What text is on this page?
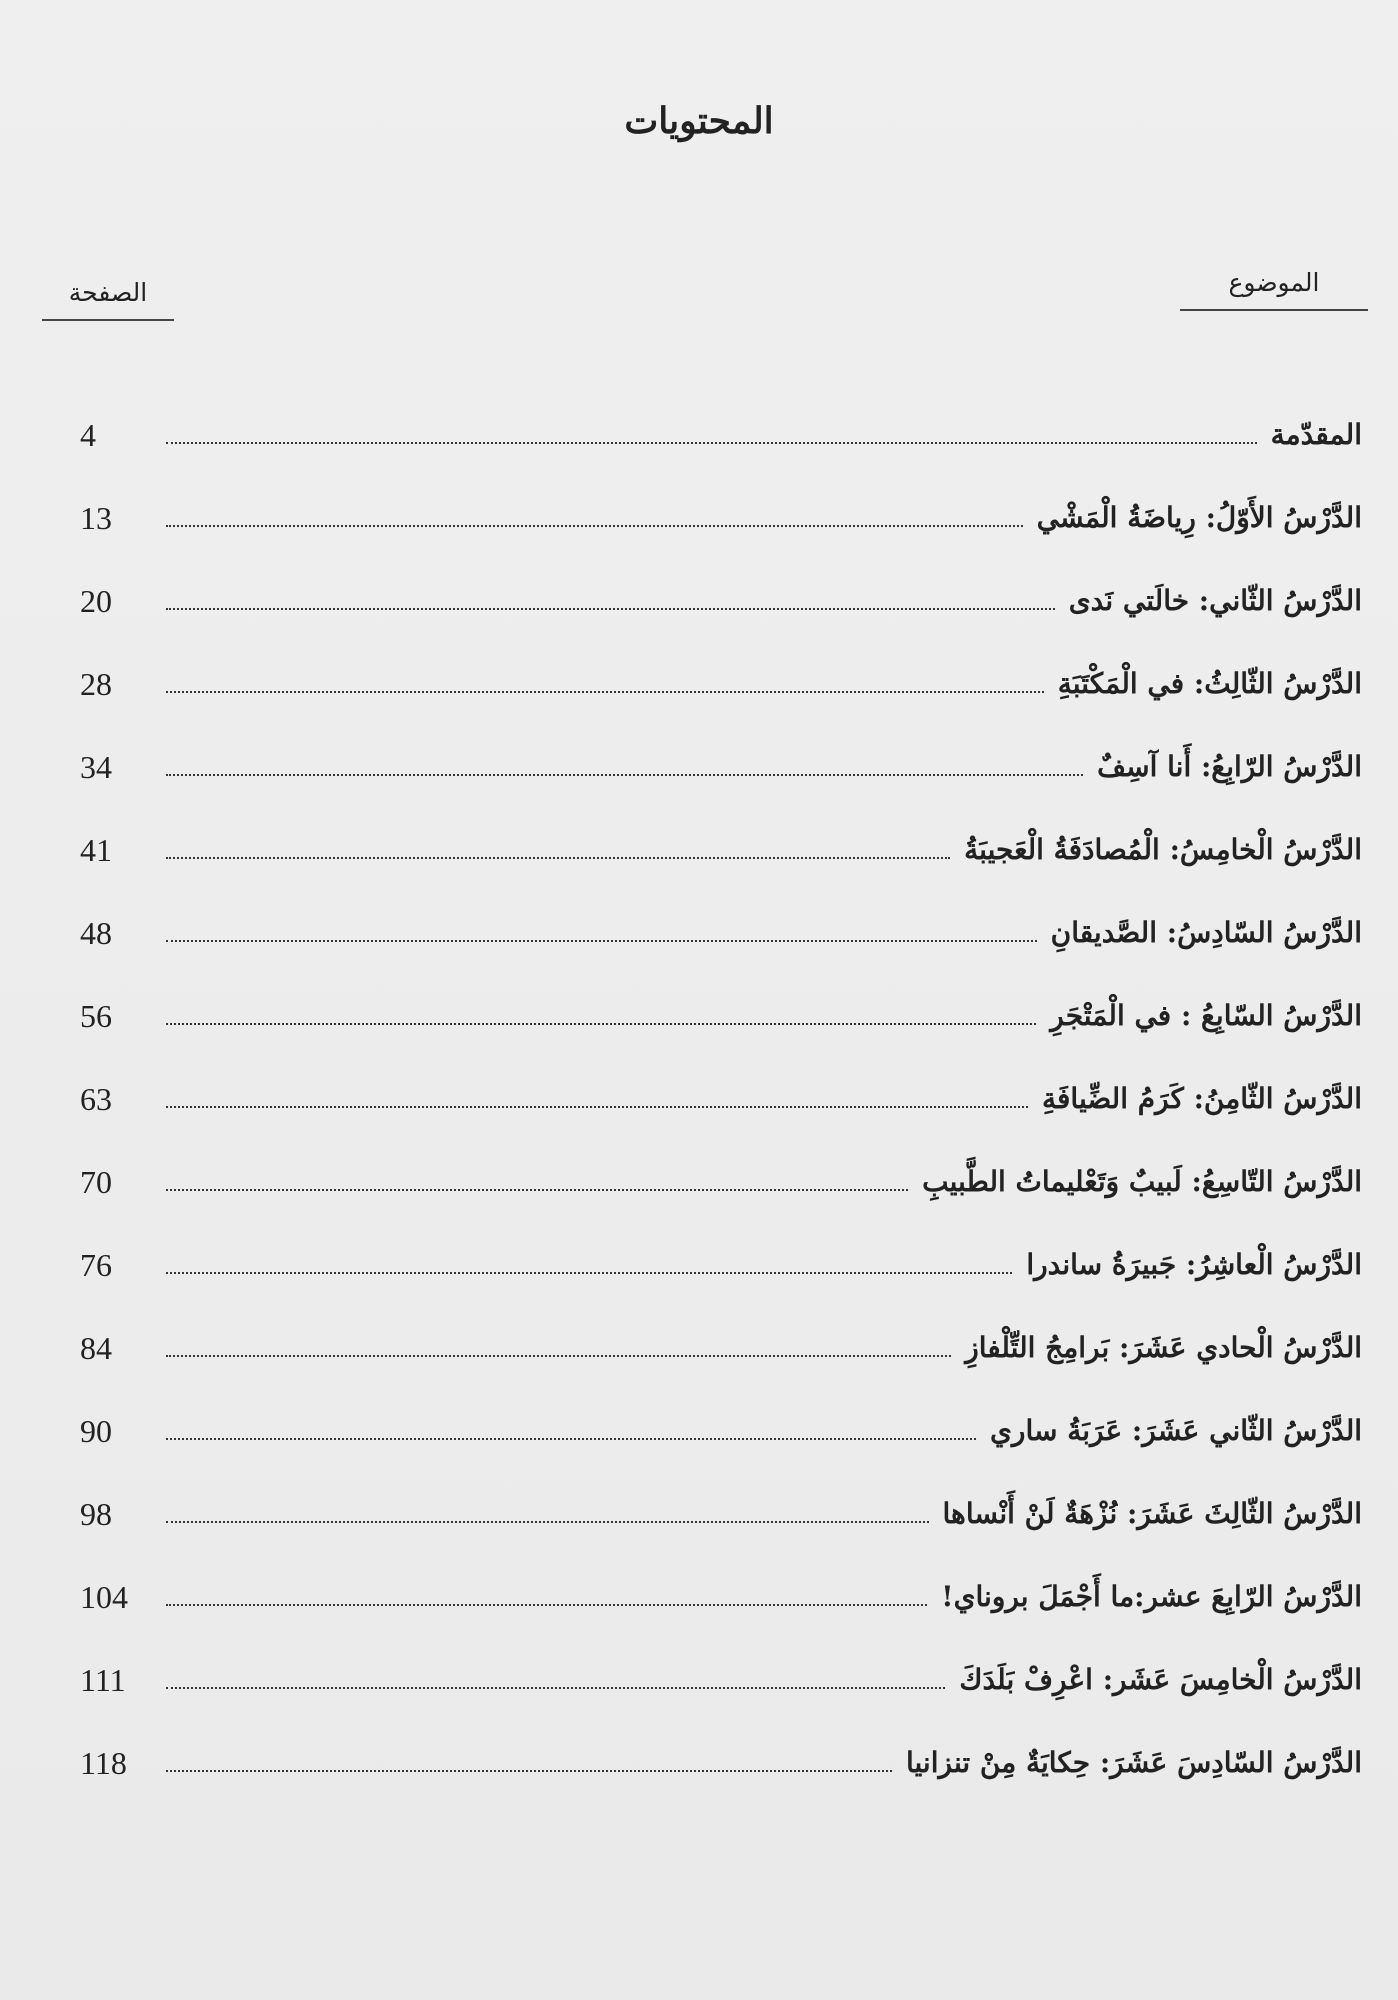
المحتويات
الموضوع
الصفحة
المقدّمة
4
الدَّرْسُ الأَوّلُ: رِياضَةُ الْمَشْي
13
الدَّرْسُ الثّاني: خالَتي نَدى
20
الدَّرْسُ الثّالِثُ: في الْمَكْتَبَةِ
28
الدَّرْسُ الرّابِعُ: أَنا آسِفٌ
34
الدَّرْسُ الْخامِسُ: الْمُصادَفَةُ الْعَجيبَةُ
41
الدَّرْسُ السّادِسُ: الصَّديقانِ
48
الدَّرْسُ السّابِعُ : في الْمَتْجَرِ
56
الدَّرْسُ الثّامِنُ: كَرَمُ الضِّيافَةِ
63
الدَّرْسُ التّاسِعُ: لَبيبٌ وَتَعْليماتُ الطَّبيبِ
70
الدَّرْسُ الْعاشِرُ: جَبيرَةُ ساندرا
76
الدَّرْسُ الْحادي عَشَرَ: بَرامِجُ التِّلْفازِ
84
الدَّرْسُ الثّاني عَشَرَ: عَرَبَةُ ساري
90
الدَّرْسُ الثّالِثَ عَشَرَ: نُزْهَةٌ لَنْ أَنْساها
98
الدَّرْسُ الرّابِعَ عشر:ما أَجْمَلَ بروناي!
104
الدَّرْسُ الْخامِسَ عَشَر: اعْرِفْ بَلَدَكَ
111
الدَّرْسُ السّادِسَ عَشَرَ: حِكايَةٌ مِنْ تنزانيا
118
